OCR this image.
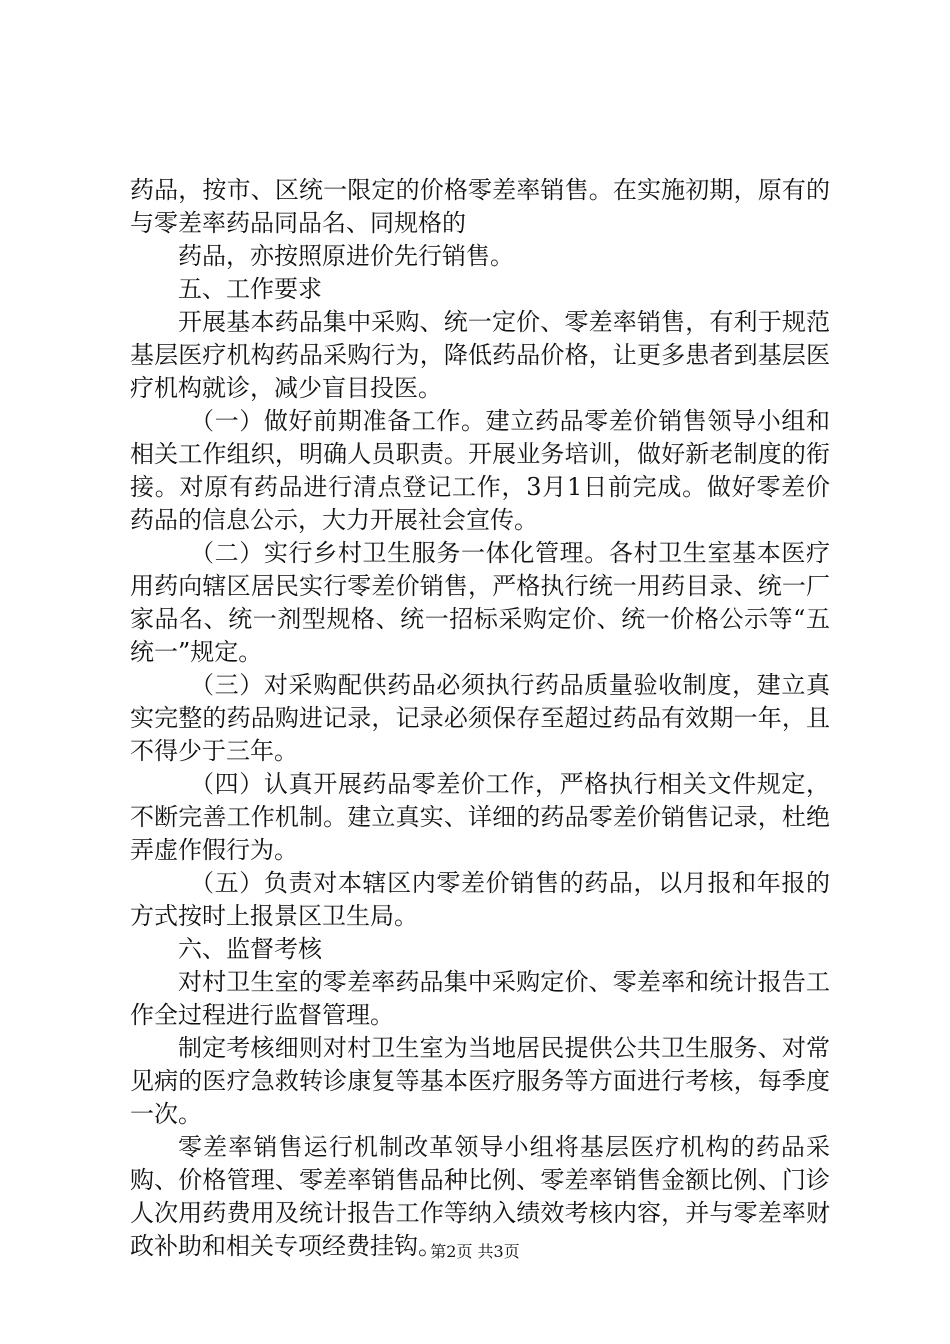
药品，按市、区统一限定的价格零差率销售。在实施初期，原有的与零差率药品同品名、同规格的

药品，亦按照原进价先行销售。

五、工作要求

开展基本药品集中采购、统一定价、零差率销售，有利于规范基层医疗机构药品采购行为，降低药品价格，让更多患者到基层医疗机构就诊，减少盲目投医。

（一）做好前期准备工作。建立药品零差价销售领导小组和相关工作组织，明确人员职责。开展业务培训，做好新老制度的衔接。对原有药品进行清点登记工作，3月1日前完成。做好零差价药品的信息公示，大力开展社会宣传。

（二）实行乡村卫生服务一体化管理。各村卫生室基本医疗用药向辖区居民实行零差价销售，严格执行统一用药目录、统一厂家品名、统一剂型规格、统一招标采购定价、统一价格公示等“五统一”规定。

（三）对采购配供药品必须执行药品质量验收制度，建立真实完整的药品购进记录，记录必须保存至超过药品有效期一年，且不得少于三年。

（四）认真开展药品零差价工作，严格执行相关文件规定，不断完善工作机制。建立真实、详细的药品零差价销售记录，杜绝弄虚作假行为。

（五）负责对本辖区内零差价销售的药品，以月报和年报的方式按时上报景区卫生局。

六、监督考核

对村卫生室的零差率药品集中采购定价、零差率和统计报告工作全过程进行监督管理。

制定考核细则对村卫生室为当地居民提供公共卫生服务、对常见病的医疗急救转诊康复等基本医疗服务等方面进行考核，每季度一次。

零差率销售运行机制改革领导小组将基层医疗机构的药品采购、价格管理、零差率销售品种比例、零差率销售金额比例、门诊人次用药费用及统计报告工作等纳入绩效考核内容，并与零差率财政补助和相关专项经费挂钩。

第2页 共3页
